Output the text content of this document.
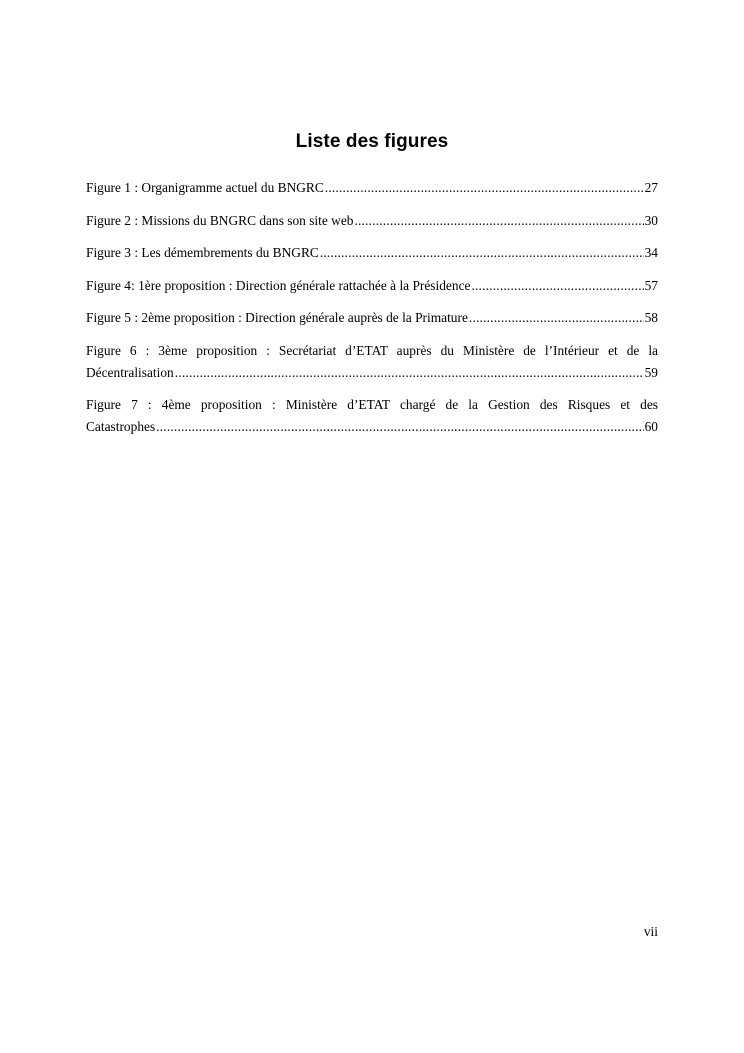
Liste des figures
Figure 1 : Organigramme actuel du BNGRC .....	27
Figure 2 : Missions du BNGRC dans son site web .....	30
Figure 3 : Les démembrements du BNGRC .....	34
Figure 4: 1ère proposition : Direction générale rattachée à la Présidence .....	57
Figure 5 : 2ème proposition : Direction générale auprès de la Primature .....	58
Figure 6 : 3ème proposition : Secrétariat d’ETAT auprès du Ministère de l’Intérieur et de la
Décentralisation .....	59
Figure 7 : 4ème proposition : Ministère d’ETAT chargé de la Gestion des Risques et des
Catastrophes .....	60
vii
